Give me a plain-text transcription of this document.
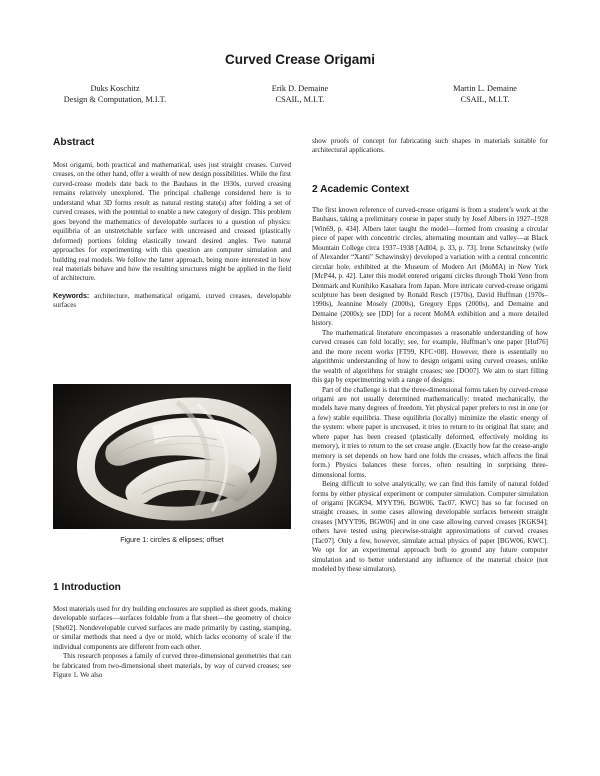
Curved Crease Origami
Duks Koschitz
Design & Computation, M.I.T.
Erik D. Demaine
CSAIL, M.I.T.
Martin L. Demaine
CSAIL, M.I.T.
Abstract

Most origami, both practical and mathematical, uses just straight creases. Curved creases, on the other hand, offer a wealth of new design possibilities. While the first curved-crease models date back to the Bauhaus in the 1930s, curved creasing remains relatively unexplored. The principal challenge considered here is to understand what 3D forms result as natural resting state(s) after folding a set of curved creases, with the potential to enable a new category of design. This problem goes beyond the mathematics of developable surfaces to a question of physics: equilibria of an unstretchable surface with uncreased and creased (plastically deformed) portions folding elastically toward desired angles. Two natural approaches for experimenting with this question are computer simulation and building real models. We follow the latter approach, being more interested in how real materials behave and how the resulting structures might be applied in the field of architecture.

Keywords: architecture, mathematical origami, curved creases, developable surfaces

Figure 1: circles & ellipses; offset
1 Introduction

Most materials used for dry building enclosures are supplied as sheet goods, making developable surfaces—surfaces foldable from a flat sheet—the geometry of choice [She02]. Nondevelopable curved surfaces are made primarily by casting, stamping, or similar methods that need a dye or mold, which lacks economy of scale if the individual components are different from each other.

This research proposes a family of curved three-dimensional geometries that can be fabricated from two-dimensional sheet materials, by way of curved creases; see Figure 1. We also

show proofs of concept for fabricating such shapes in materials suitable for architectural applications.

2 Academic Context

The first known reference of curved-crease origami is from a student’s work at the Bauhaus, taking a preliminary course in paper study by Josef Albers in 1927–1928 [Win69, p. 434]. Albers later taught the model—formed from creasing a circular piece of paper with concentric circles, alternating mountain and valley—at Black Mountain College circa 1937–1938 [Adl04, p. 33, p. 73]. Irene Schawinsky (wife of Alexander “Xanti” Schawinsky) developed a variation with a central concentric circular hole, exhibited at the Museum of Modern Art (MoMA) in New York [McP44, p. 42]. Later this model entered origami circles through Thoki Yenn from Denmark and Kunihiko Kasahara from Japan. More intricate curved-crease origami sculpture has been designed by Ronald Resch (1970s), David Huffman (1970s–1990s), Jeannine Mosely (2000s), Gregory Epps (2000s), and Demaine and Demaine (2000s); see [DD] for a recent MoMA exhibition and a more detailed history.

The mathematical literature encompasses a reasonable understanding of how curved creases can fold locally; see, for example, Huffman’s one paper [Huf76] and the more recent works [FT99, KFC+08]. However, there is essentially no algorithmic understanding of how to design origami using curved creases, unlike the wealth of algorithms for straight creases; see [DO07]. We aim to start filling this gap by experimenting with a range of designs.

Part of the challenge is that the three-dimensional forms taken by curved-crease origami are not usually determined mathematically: treated mechanically, the models have many degrees of freedom. Yet physical paper prefers to rest in one (or a few) stable equilibria. These equilibria (locally) minimize the elastic energy of the system: where paper is uncreased, it tries to return to its original flat state; and where paper has been creased (plastically deformed, effectively molding its memory), it tries to return to the set crease angle. (Exactly how far the crease-angle memory is set depends on how hard one folds the creases, which affects the final form.) Physics balances these forces, often resulting in surprising three-dimensional forms.

Being difficult to solve analytically, we can find this family of natural folded forms by either physical experiment or computer simulation. Computer simulation of origami [KGK94, MYYT96, BGW06, Tac07, KWC] has so far focused on straight creases, in some cases allowing developable surfaces between straight creases [MYYT96, BGW06] and in one case allowing curved creases [KGK94]; others have tested using piecewise-straight approximations of curved creases [Tac07]. Only a few, however, simulate actual physics of paper [BGW06, KWC]. We opt for an experimental approach both to ground any future computer simulation and to better understand any influence of the material choice (not modeled by these simulators).
